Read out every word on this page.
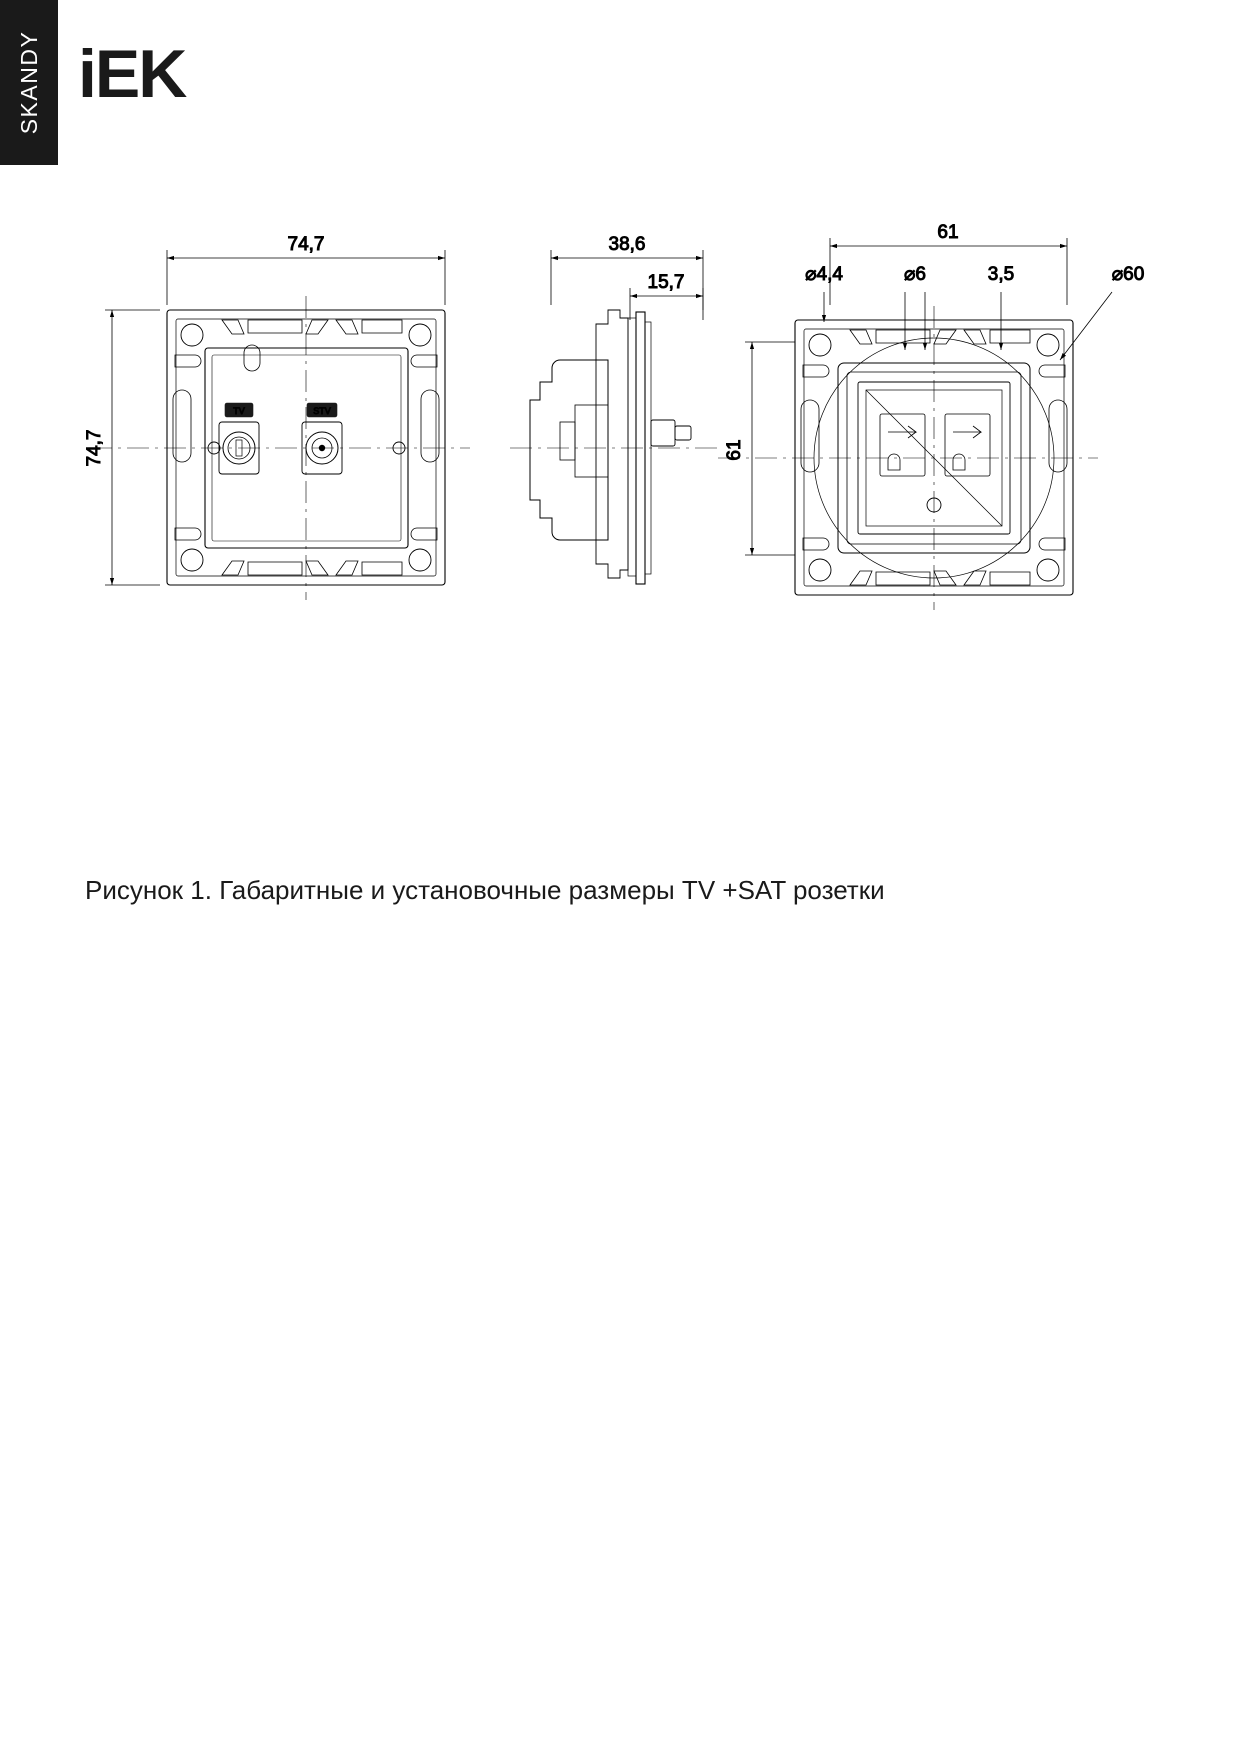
SKANDY iEK
74,7
74,7
TV	STV
38,6
15,7
61
61
⌀4,4	⌀6	3,5	⌀60
Рисунок 1. Габаритные и установочные размеры TV +SAT розетки
